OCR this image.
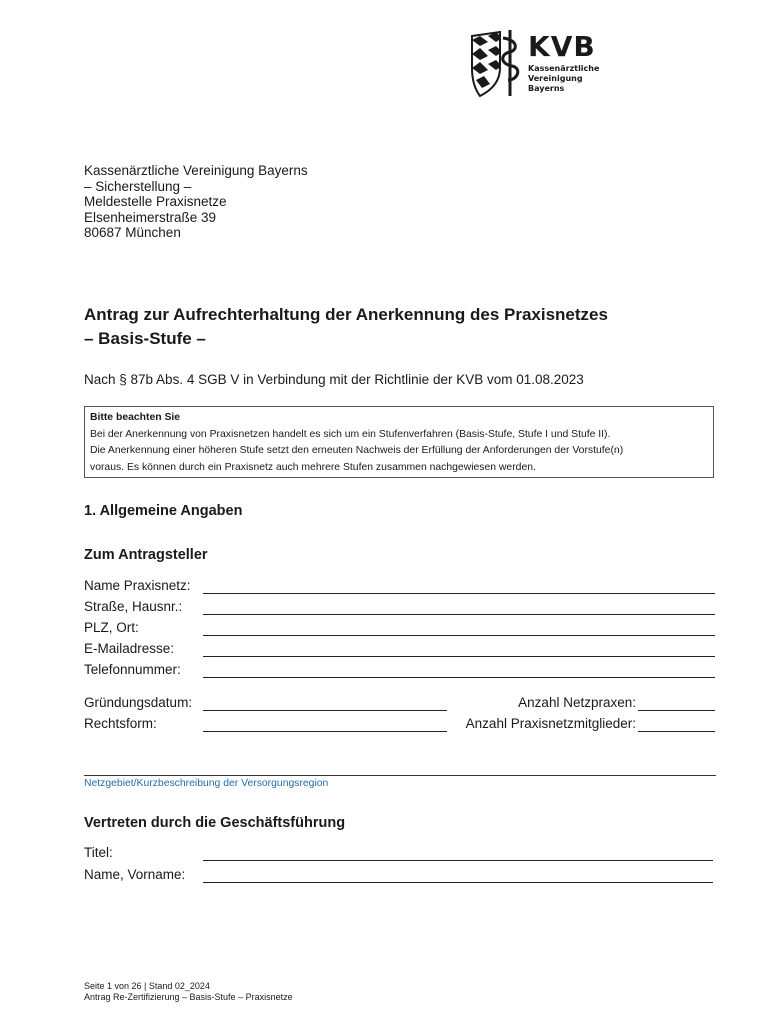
KVB
Kassenärztliche
Vereinigung
Bayerns
Kassenärztliche Vereinigung Bayerns
– Sicherstellung –
Meldestelle Praxisnetze
Elsenheimerstraße 39
80687 München
Antrag zur Aufrechterhaltung der Anerkennung des Praxisnetzes
– Basis-Stufe –
Nach § 87b Abs. 4 SGB V in Verbindung mit der Richtlinie der KVB vom 01.08.2023
Bitte beachten Sie
Bei der Anerkennung von Praxisnetzen handelt es sich um ein Stufenverfahren (Basis-Stufe, Stufe I und Stufe II).
Die Anerkennung einer höheren Stufe setzt den erneuten Nachweis der Erfüllung der Anforderungen der Vorstufe(n)
voraus. Es können durch ein Praxisnetz auch mehrere Stufen zusammen nachgewiesen werden.
1. Allgemeine Angaben
Zum Antragsteller
Name Praxisnetz:
Straße, Hausnr.:
PLZ, Ort:
E-Mailadresse:
Telefonnummer:
Gründungsdatum:	Anzahl Netzpraxen:
Rechtsform:	Anzahl Praxisnetzmitglieder:
Netzgebiet/Kurzbeschreibung der Versorgungsregion
Vertreten durch die Geschäftsführung
Titel:
Name, Vorname:
Seite 1 von 26 | Stand 02_2024
Antrag Re-Zertifizierung – Basis-Stufe – Praxisnetze
